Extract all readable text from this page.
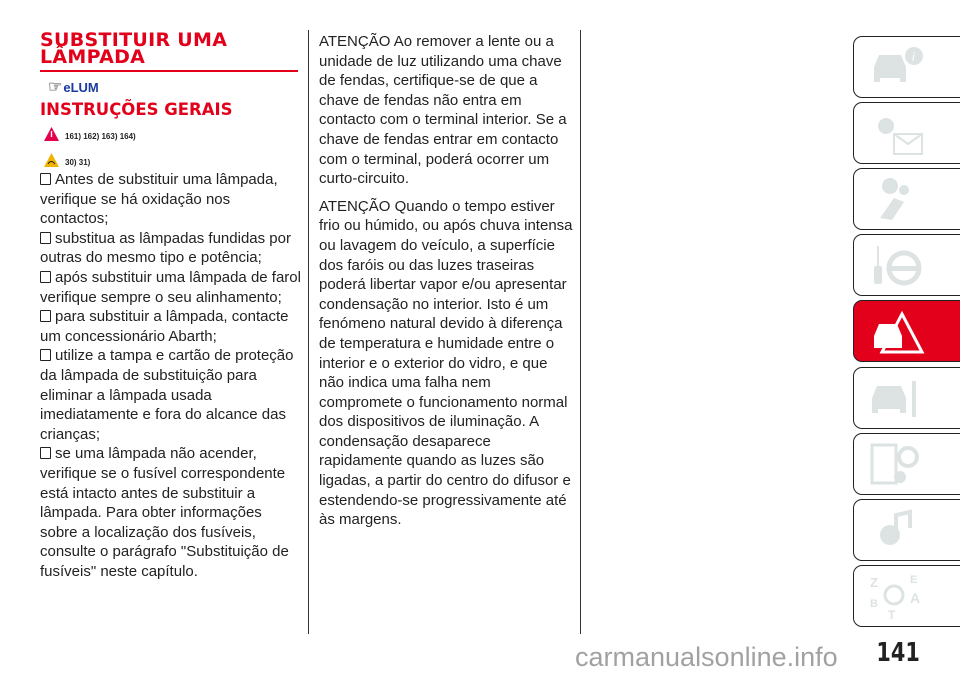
SUBSTITUIR UMA LÂMPADA
☞ eLUM
INSTRUÇÕES GERAIS
161) 162) 163) 164)
30) 31)

Antes de substituir uma lâmpada, verifique se há oxidação nos contactos;

substitua as lâmpadas fundidas por outras do mesmo tipo e potência;

após substituir uma lâmpada de farol verifique sempre o seu alinhamento;

para substituir a lâmpada, contacte um concessionário Abarth;

utilize a tampa e cartão de proteção da lâmpada de substituição para eliminar a lâmpada usada imediatamente e fora do alcance das crianças;

se uma lâmpada não acender, verifique se o fusível correspondente está intacto antes de substituir a lâmpada. Para obter informações sobre a localização dos fusíveis, consulte o parágrafo "Substituição de fusíveis" neste capítulo.

ATENÇÃO Ao remover a lente ou a unidade de luz utilizando uma chave de fendas, certifique-se de que a chave de fendas não entra em contacto com o terminal interior. Se a chave de fendas entrar em contacto com o terminal, poderá ocorrer um curto-circuito.

ATENÇÃO Quando o tempo estiver frio ou húmido, ou após chuva intensa ou lavagem do veículo, a superfície dos faróis ou das luzes traseiras poderá libertar vapor e/ou apresentar condensação no interior. Isto é um fenómeno natural devido à diferença de temperatura e humidade entre o interior e o exterior do vidro, e que não indica uma falha nem compromete o funcionamento normal dos dispositivos de iluminação. A condensação desaparece rapidamente quando as luzes são ligadas, a partir do centro do difusor e estendendo-se progressivamente até às margens.

i
Z	E
A
B
T
carmanualsonline.info 141
